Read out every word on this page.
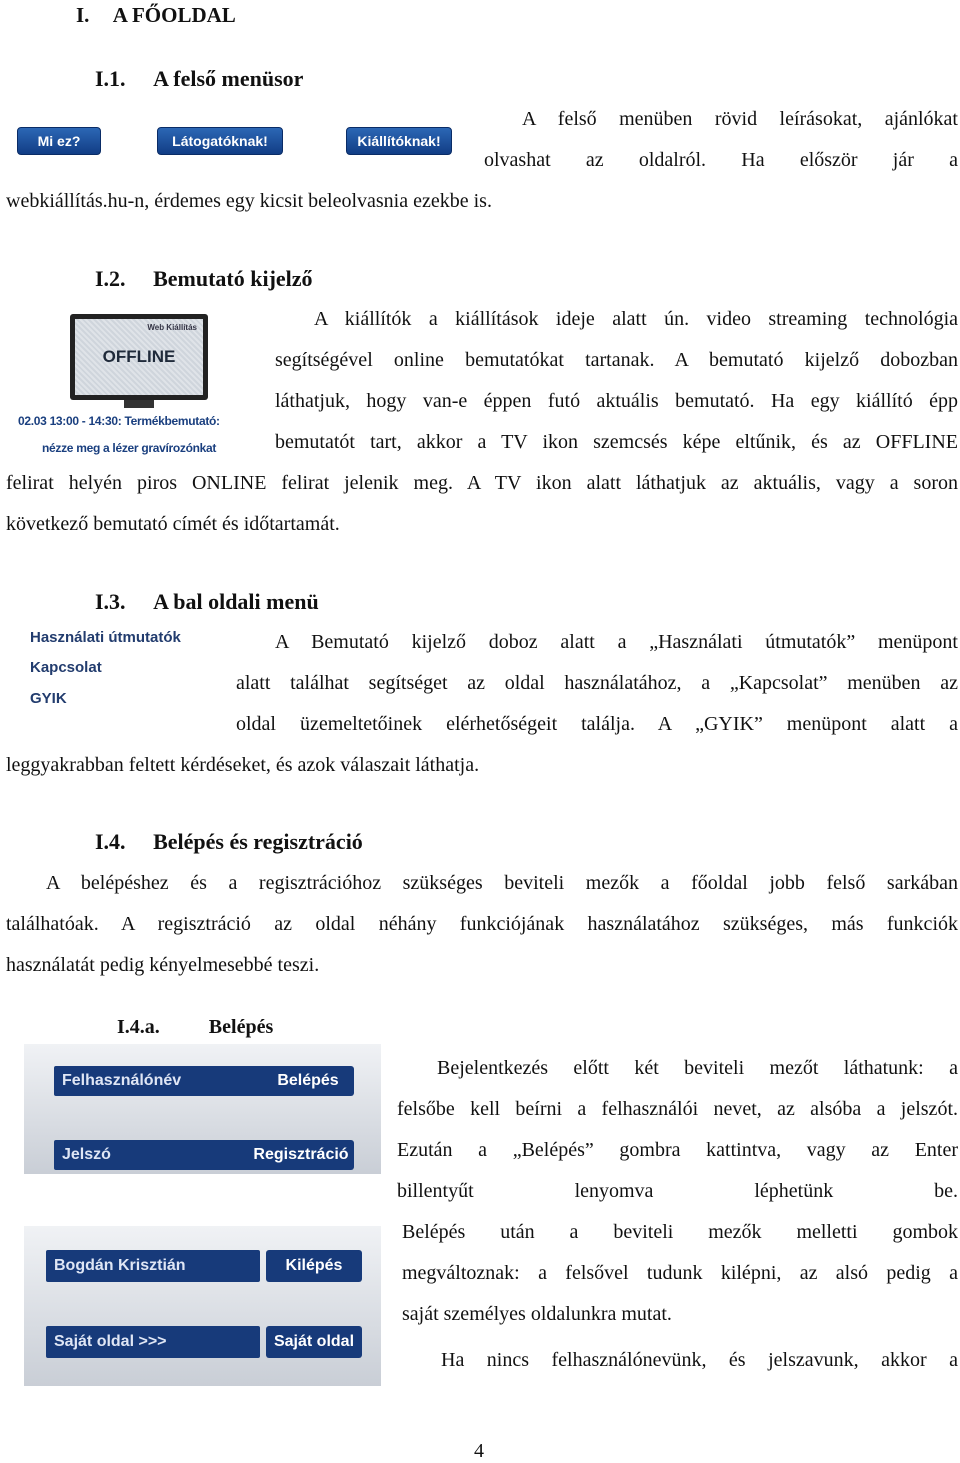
I. A FŐOLDAL
I.1. A felső menüsor
Mi ez?	Látogatóknak!	Kiállítóknak!
A felső menüben rövid leírásokat, ajánlókat
olvashat az oldalról. Ha először jár a
webkiállítás.hu-n, érdemes egy kicsit beleolvasnia ezekbe is.
I.2. Bemutató kijelző
Web Kiállítás
OFFLINE
02.03 13:00 - 14:30: Termékbemutató:
nézze meg a lézer gravírozónkat
A kiállítók a kiállítások ideje alatt ún. video streaming technológia
segítségével online bemutatókat tartanak. A bemutató kijelző dobozban
láthatjuk, hogy van-e éppen futó aktuális bemutató. Ha egy kiállító épp
bemutatót tart, akkor a TV ikon szemcsés képe eltűnik, és az OFFLINE
felirat helyén piros ONLINE felirat jelenik meg. A TV ikon alatt láthatjuk az aktuális, vagy a soron
következő bemutató címét és időtartamát.
I.3. A bal oldali menü
Használati útmutatók
Kapcsolat
GYIK
A Bemutató kijelző doboz alatt a „Használati útmutatók” menüpont
alatt találhat segítséget az oldal használatához, a „Kapcsolat” menüben az
oldal üzemeltetőinek elérhetőségeit találja. A „GYIK” menüpont alatt a
leggyakrabban feltett kérdéseket, és azok válaszait láthatja.
I.4. Belépés és regisztráció
A belépéshez és a regisztrációhoz szükséges beviteli mezők a főoldal jobb felső sarkában
találhatóak. A regisztráció az oldal néhány funkciójának használatához szükséges, más funkciók
használatát pedig kényelmesebbé teszi.
I.4.a. Belépés
Felhasználónév	Belépés
Jelszó	Regisztráció
Bogdán Krisztián	Kilépés
Saját oldal >>>	Saját oldal
Bejelentkezés előtt két beviteli mezőt láthatunk: a
felsőbe kell beírni a felhasználói nevet, az alsóba a jelszót.
Ezután a „Belépés” gombra kattintva, vagy az Enter
billentyűt lenyomva léphetünk be.
Belépés után a beviteli mezők melletti gombok
megváltoznak: a felsővel tudunk kilépni, az alsó pedig a
saját személyes oldalunkra mutat.
Ha nincs felhasználónevünk, és jelszavunk, akkor a
4
